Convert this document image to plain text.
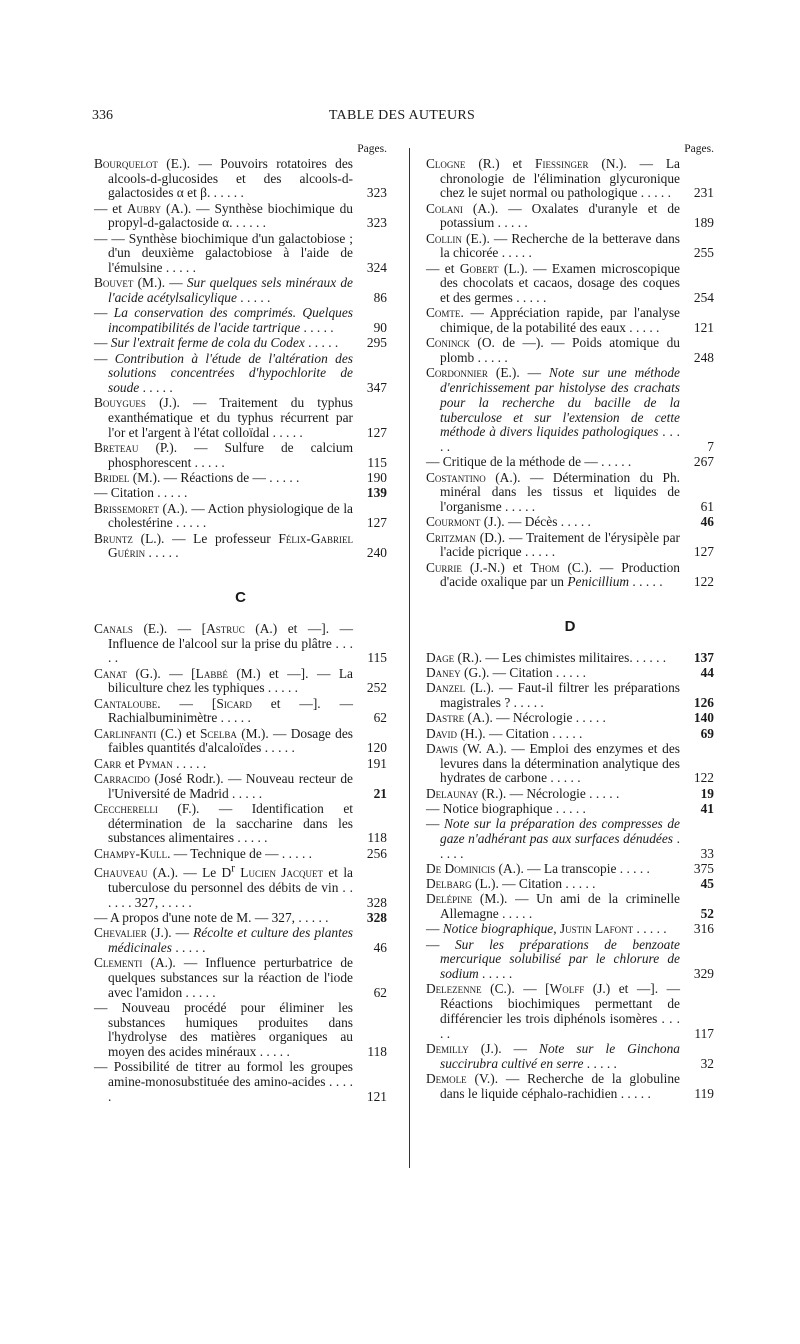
336	TABLE DES AUTEURS
Pages.
Bourquelot (E.). — Pouvoirs rotatoires des alcools-d-glucosides et des alcools-d-galactosides α et β. . . . . .	323
— et Aubry (A.). — Synthèse biochimique du propyl-d-galactoside α. . . . . .	323
— — Synthèse biochimique d'un galactobiose ; d'un deuxième galactobiose à l'aide de l'émulsine . . . . .	324
Bouvet (M.). — Sur quelques sels minéraux de l'acide acétylsalicylique . . . . .	86
— La conservation des comprimés. Quelques incompatibilités de l'acide tartrique . . . . .	90
— Sur l'extrait ferme de cola du Codex . . . . . 295
— Contribution à l'étude de l'altération des solutions concentrées d'hypochlorite de soude . . . . .	347
Bouygues (J.). — Traitement du typhus exanthématique et du typhus récurrent par l'or et l'argent à l'état colloïdal . . . . .	127
Breteau (P.). — Sulfure de calcium phosphorescent . . . . .	115
Bridel (M.). — Réactions de — . . . . .	190
— Citation . . . . .	139
Brissemoret (A.). — Action physiologique de la cholestérine . . . . .	127
Bruntz (L.). — Le professeur Félix-Gabriel Guérin . . . . .	240
C
Canals (E.). — [Astruc (A.) et —]. — Influence de l'alcool sur la prise du plâtre . . . . .	115
Canat (G.). — [Labbé (M.) et —]. — La biliculture chez les typhiques . . . . .	252
Cantaloube. — [Sicard et —]. — Rachialbuminimètre . . . . .	62
Carlinfanti (C.) et Scelba (M.). — Dosage des faibles quantités d'alcaloïdes . . . . .	120
Carr et Pyman . . . . .	191
Carracido (José Rodr.). — Nouveau recteur de l'Université de Madrid . . . . .	21
Ceccherelli (F.). — Identification et détermination de la saccharine dans les substances alimentaires . . . . .	118
Champy-Kull. — Technique de — . . . . .	256
Chauveau (A.). — Le $D^r$ Lucien Jacquet et la tuberculose du personnel des débits de vin . . . . . . 327, . . . . .	328
— A propos d'une note de M. — 327, . . . . .	328
Chevalier (J.). — Récolte et culture des plantes médicinales . . . . .	46
Clementi (A.). — Influence perturbatrice de quelques substances sur la réaction de l'iode avec l'amidon . . . . .	62
— Nouveau procédé pour éliminer les substances humiques produites dans l'hydrolyse des matières organiques au moyen des acides minéraux . . . . .	118
— Possibilité de titrer au formol les groupes amine-monosubstituée des amino-acides . . . . .	121
Pages.
Clogne (R.) et Fiessinger (N.). — La chronologie de l'élimination glycuronique chez le sujet normal ou pathologique . . . . . 231
Colani (A.). — Oxalates d'uranyle et de potassium . . . . .	189
Collin (E.). — Recherche de la betterave dans la chicorée . . . . .	255
— et Gobert (L.). — Examen microscopique des chocolats et cacaos, dosage des coques et des germes . . . . .	254
Comte. — Appréciation rapide, par l'analyse chimique, de la potabilité des eaux . . . . .	121
Coninck (O. de —). — Poids atomique du plomb . . . . .	248
Cordonnier (E.). — Note sur une méthode d'enrichissement par histolyse des crachats pour la recherche du bacille de la tuberculose et sur l'extension de cette méthode à divers liquides pathologiques . . . . .	7
— Critique de la méthode de — . . . . .	267
Costantino (A.). — Détermination du Ph. minéral dans les tissus et liquides de l'organisme . . . . .	61
Courmont (J.). — Décès . . . . .	46
Critzman (D.). — Traitement de l'érysipèle par l'acide picrique . . . . .	127
Currie (J.-N.) et Thom (C.). — Production d'acide oxalique par un Penicillium . . . . . 122
D
Dage (R.). — Les chimistes militaires. . . . . . 137
Daney (G.). — Citation . . . . .	44
Danzel (L.). — Faut-il filtrer les préparations magistrales ? . . . . .	126
Dastre (A.). — Nécrologie . . . . .	140
David (H.). — Citation . . . . .	69
Dawis (W. A.). — Emploi des enzymes et des levures dans la détermination analytique des hydrates de carbone . . . . .	122
Delaunay (R.). — Nécrologie . . . . .	19
— Notice biographique . . . . .	41
— Note sur la préparation des compresses de gaze n'adhérant pas aux surfaces dénudées . . . . .	33
De Dominicis (A.). — La transcopie . . . . .	375
Delbarg (L.). — Citation . . . . .	45
Delépine (M.). — Un ami de la criminelle Allemagne . . . . .	52
— Notice biographique, Justin Lafont . . . . . 316
— Sur les préparations de benzoate mercurique solubilisé par le chlorure de sodium . . . . .	329
Delezenne (C.). — [Wolff (J.) et —]. — Réactions biochimiques permettant de différencier les trois diphénols isomères . . . . .	117
Demilly (J.). — Note sur le Ginchona succirubra cultivé en serre . . . . .	32
Demole (V.). — Recherche de la globuline dans le liquide céphalo-rachidien . . . . .	119
